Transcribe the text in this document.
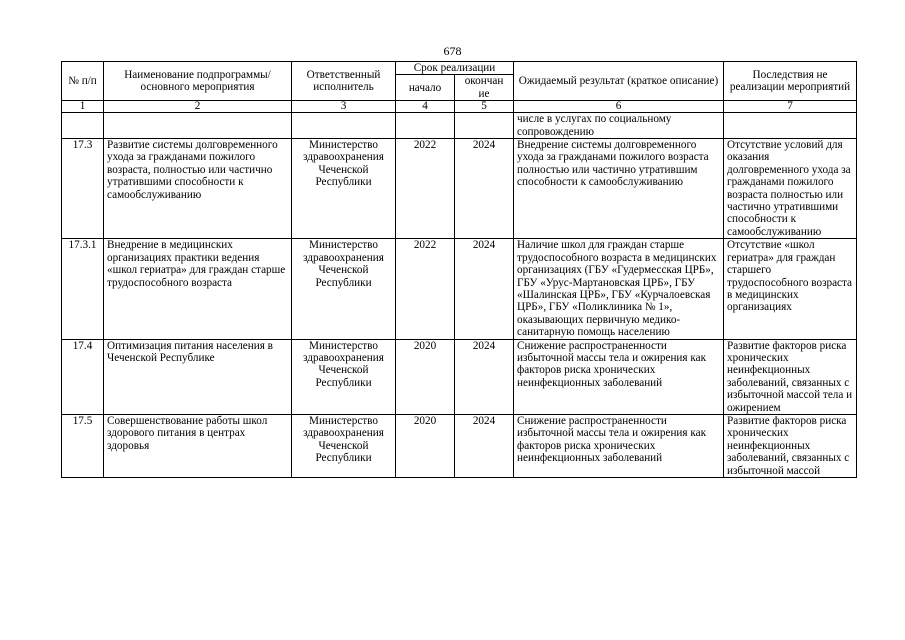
678
№ п/п	Наименование подпрограммы/ основного мероприятия	Ответственный исполнитель	Срок реализации		Ожидаемый результат (краткое описание)	Последствия не реализации мероприятий
			начало	окончан ие		
1	2	3	4	5	6	7
					числе в услугах по социальному сопровождению	
17.3	Развитие системы долговременного ухода за гражданами пожилого возраста, полностью или частично утратившими способности к самообслуживанию	Министерство здравоохранения Чеченской Республики	2022	2024	Внедрение системы долговременного ухода за гражданами пожилого возраста полностью или частично утратившим способности к самообслуживанию	Отсутствие условий для оказания долговременного ухода за гражданами пожилого возраста полностью или частично утратившими способности к самообслуживанию
17.3.1	Внедрение в медицинских организациях практики ведения «школ гериатра» для граждан старше трудоспособного возраста	Министерство здравоохранения Чеченской Республики	2022	2024	Наличие школ для граждан старше трудоспособного возраста в медицинских организациях (ГБУ «Гудермесская ЦРБ», ГБУ «Урус-Мартановская ЦРБ», ГБУ «Шалинская ЦРБ», ГБУ «Курчалоевская ЦРБ», ГБУ «Поликлиника № 1», оказывающих первичную медико-санитарную помощь населению	Отсутствие «школ гериатра» для граждан старшего трудоспособного возраста в медицинских организациях
17.4	Оптимизация питания населения в Чеченской Республике	Министерство здравоохранения Чеченской Республики	2020	2024	Снижение распространенности избыточной массы тела и ожирения как факторов риска хронических неинфекционных заболеваний	Развитие факторов риска хронических неинфекционных заболеваний, связанных с избыточной массой тела и ожирением
17.5	Совершенствование работы школ здорового питания в центрах здоровья	Министерство здравоохранения Чеченской Республики	2020	2024	Снижение распространенности избыточной массы тела и ожирения как факторов риска хронических неинфекционных заболеваний	Развитие факторов риска хронических неинфекционных заболеваний, связанных с избыточной массой
